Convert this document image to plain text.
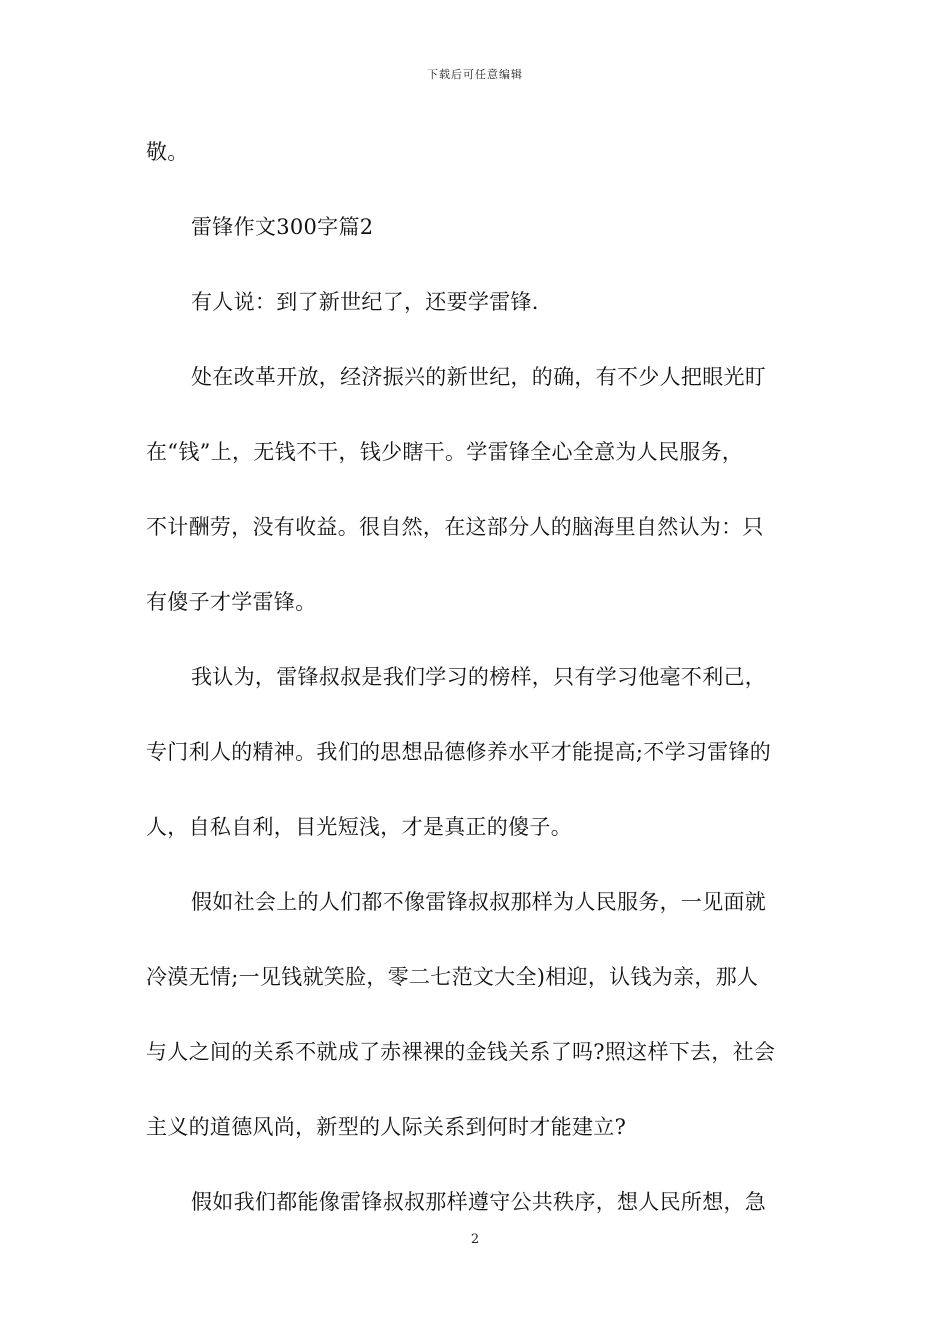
下载后可任意编辑
敬。
雷锋作文300字篇2
有人说：到了新世纪了，还要学雷锋.
处在改革开放，经济振兴的新世纪，的确，有不少人把眼光盯
在“钱”上，无钱不干，钱少瞎干。学雷锋全心全意为人民服务，
不计酬劳，没有收益。很自然，在这部分人的脑海里自然认为：只
有傻子才学雷锋。
我认为，雷锋叔叔是我们学习的榜样，只有学习他毫不利己，
专门利人的精神。我们的思想品德修养水平才能提高;不学习雷锋的
人，自私自利，目光短浅，才是真正的傻子。
假如社会上的人们都不像雷锋叔叔那样为人民服务，一见面就
冷漠无情;一见钱就笑脸，零二七范文大全)相迎，认钱为亲，那人
与人之间的关系不就成了赤裸裸的金钱关系了吗?照这样下去，社会
主义的道德风尚，新型的人际关系到何时才能建立?
假如我们都能像雷锋叔叔那样遵守公共秩序，想人民所想，急
2
